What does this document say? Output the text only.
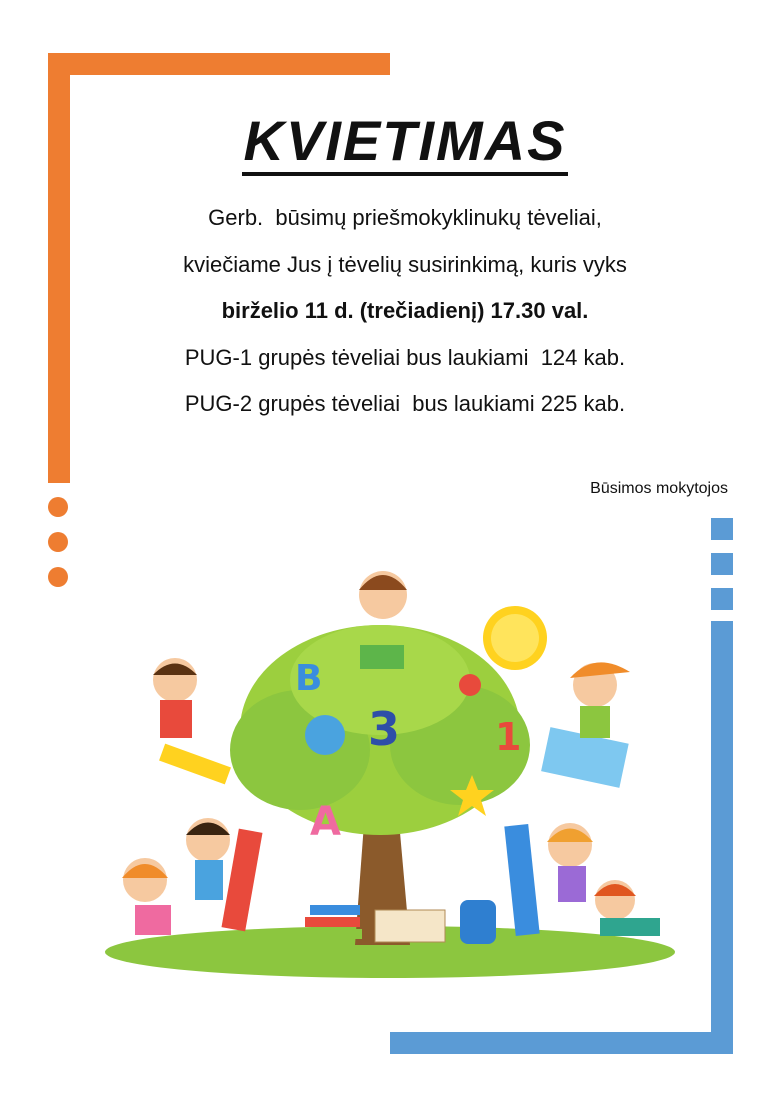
KVIETIMAS

Gerb.  būsimų priešmokyklinukų tėveliai,

kviečiame Jus į tėvelių susirinkimą, kuris vyks

birželio 11 d. (trečiadienį) 17.30 val.

PUG-1 grupės tėveliai bus laukiami  124 kab.

PUG-2 grupės tėveliai  bus laukiami 225 kab.

Būsimos mokytojos

B
3
A
1
